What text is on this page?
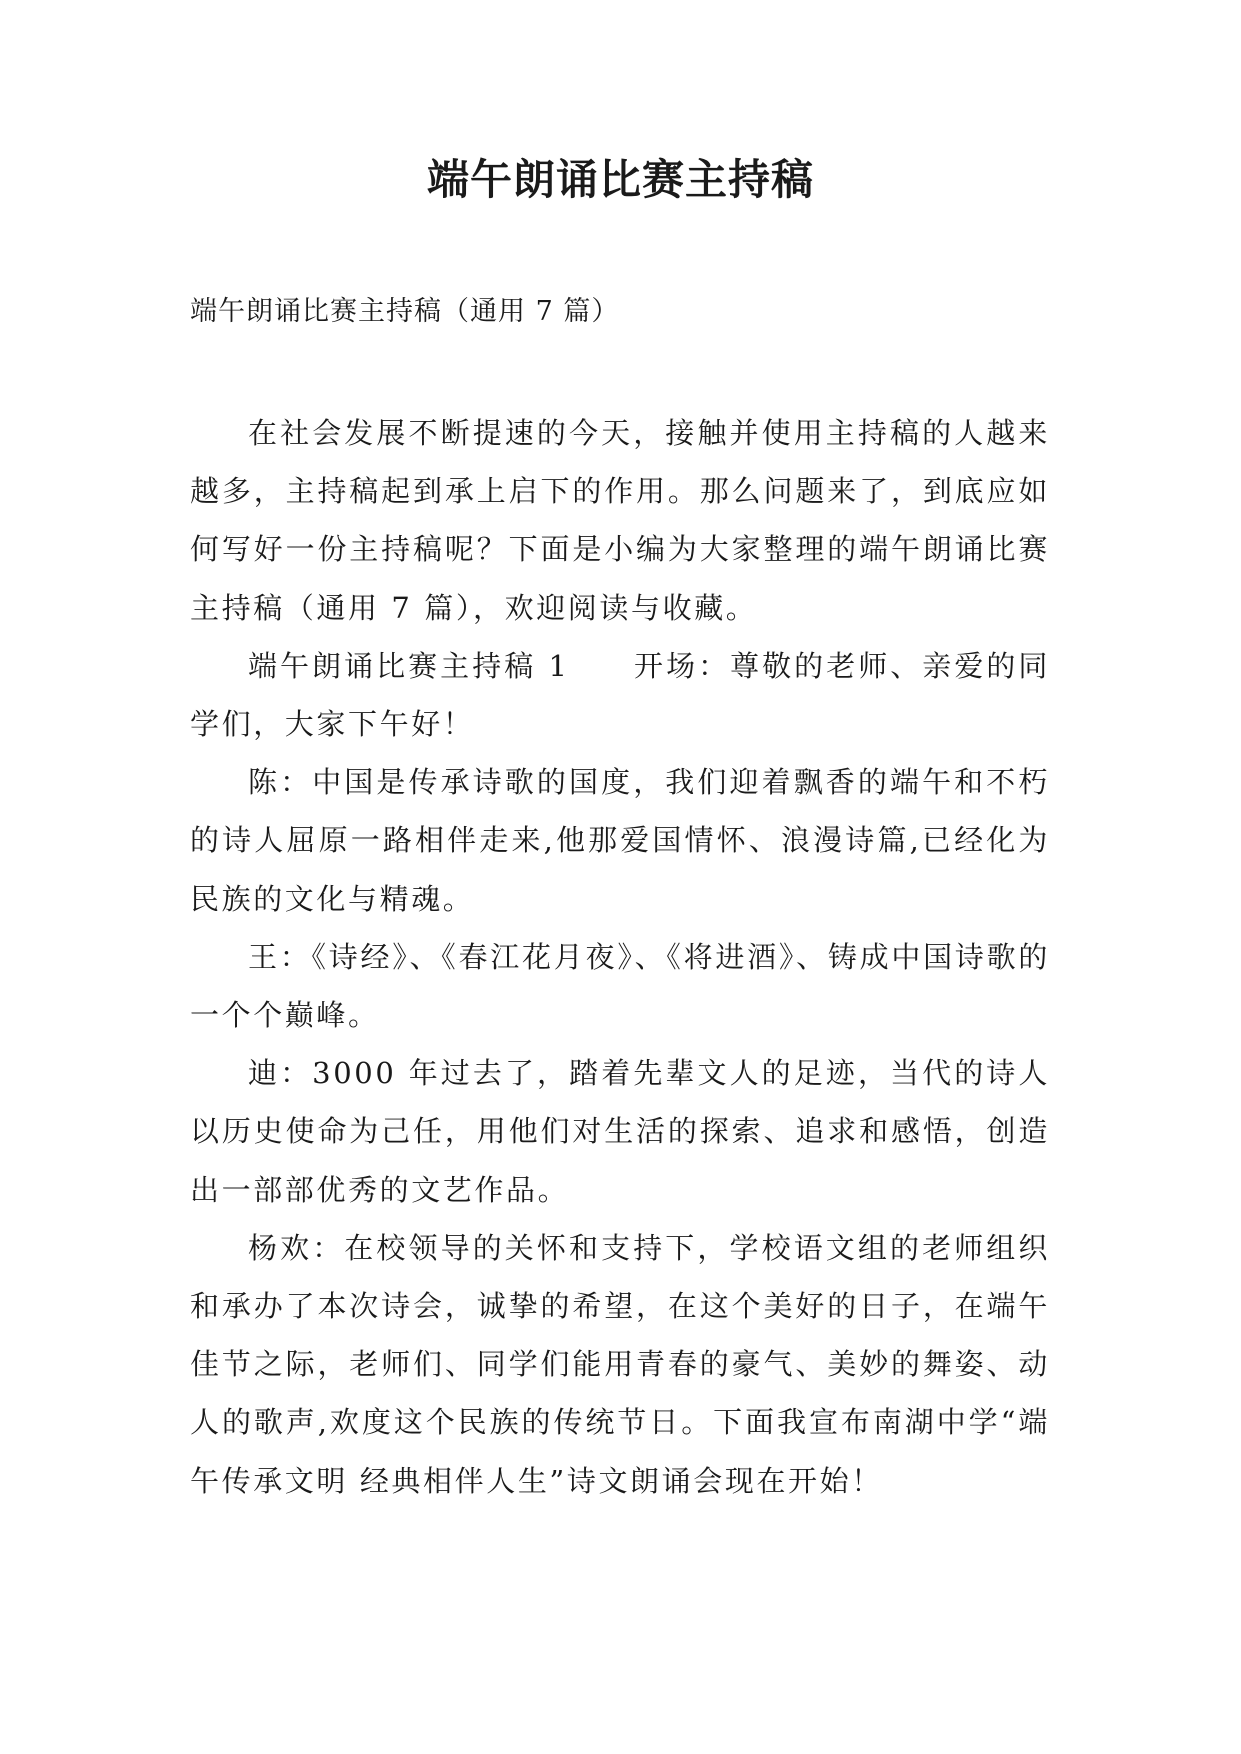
端午朗诵比赛主持稿

端午朗诵比赛主持稿（通用 7 篇）

在社会发展不断提速的今天，接触并使用主持稿的人越来越多，主持稿起到承上启下的作用。那么问题来了，到底应如何写好一份主持稿呢？下面是小编为大家整理的端午朗诵比赛主持稿（通用 7 篇），欢迎阅读与收藏。

端午朗诵比赛主持稿 1　　开场：尊敬的老师、亲爱的同学们，大家下午好！

陈：中国是传承诗歌的国度，我们迎着飘香的端午和不朽的诗人屈原一路相伴走来,他那爱国情怀、浪漫诗篇,已经化为民族的文化与精魂。

王：《诗经》、《春江花月夜》、《将进酒》、铸成中国诗歌的一个个巅峰。

迪：3000 年过去了，踏着先辈文人的足迹，当代的诗人以历史使命为己任，用他们对生活的探索、追求和感悟，创造出一部部优秀的文艺作品。

杨欢：在校领导的关怀和支持下，学校语文组的老师组织和承办了本次诗会，诚挚的希望，在这个美好的日子，在端午佳节之际，老师们、同学们能用青春的豪气、美妙的舞姿、动人的歌声,欢度这个民族的传统节日。下面我宣布南湖中学“端午传承文明 经典相伴人生”诗文朗诵会现在开始！
